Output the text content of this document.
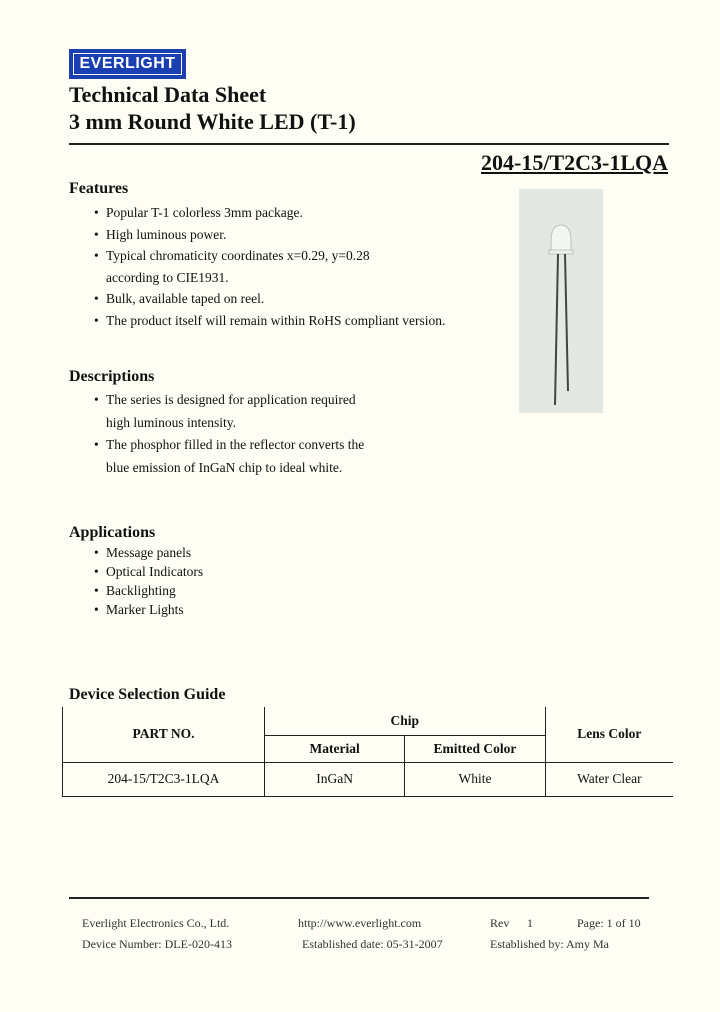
EVERLIGHT
Technical Data Sheet
3 mm Round White LED (T-1)
204-15/T2C3-1LQA
Features
• Popular T-1 colorless 3mm package.
• High luminous power.
• Typical chromaticity coordinates x=0.29, y=0.28
according to CIE1931.
• Bulk, available taped on reel.
• The product itself will remain within RoHS compliant version.
Descriptions
• The series is designed for application required
high luminous intensity.
• The phosphor filled in the reflector converts the
blue emission of InGaN chip to ideal white.
Applications
• Message panels
• Optical Indicators
• Backlighting
• Marker Lights
Device Selection Guide
PART NO.	Chip		Lens Color
	Material	Emitted Color	
204-15/T2C3-1LQA	InGaN	White	Water Clear
Everlight Electronics Co., Ltd.	http://www.everlight.com	Rev 1	Page: 1 of 10
Device Number: DLE-020-413	Established date: 05-31-2007	Established by: Amy Ma
